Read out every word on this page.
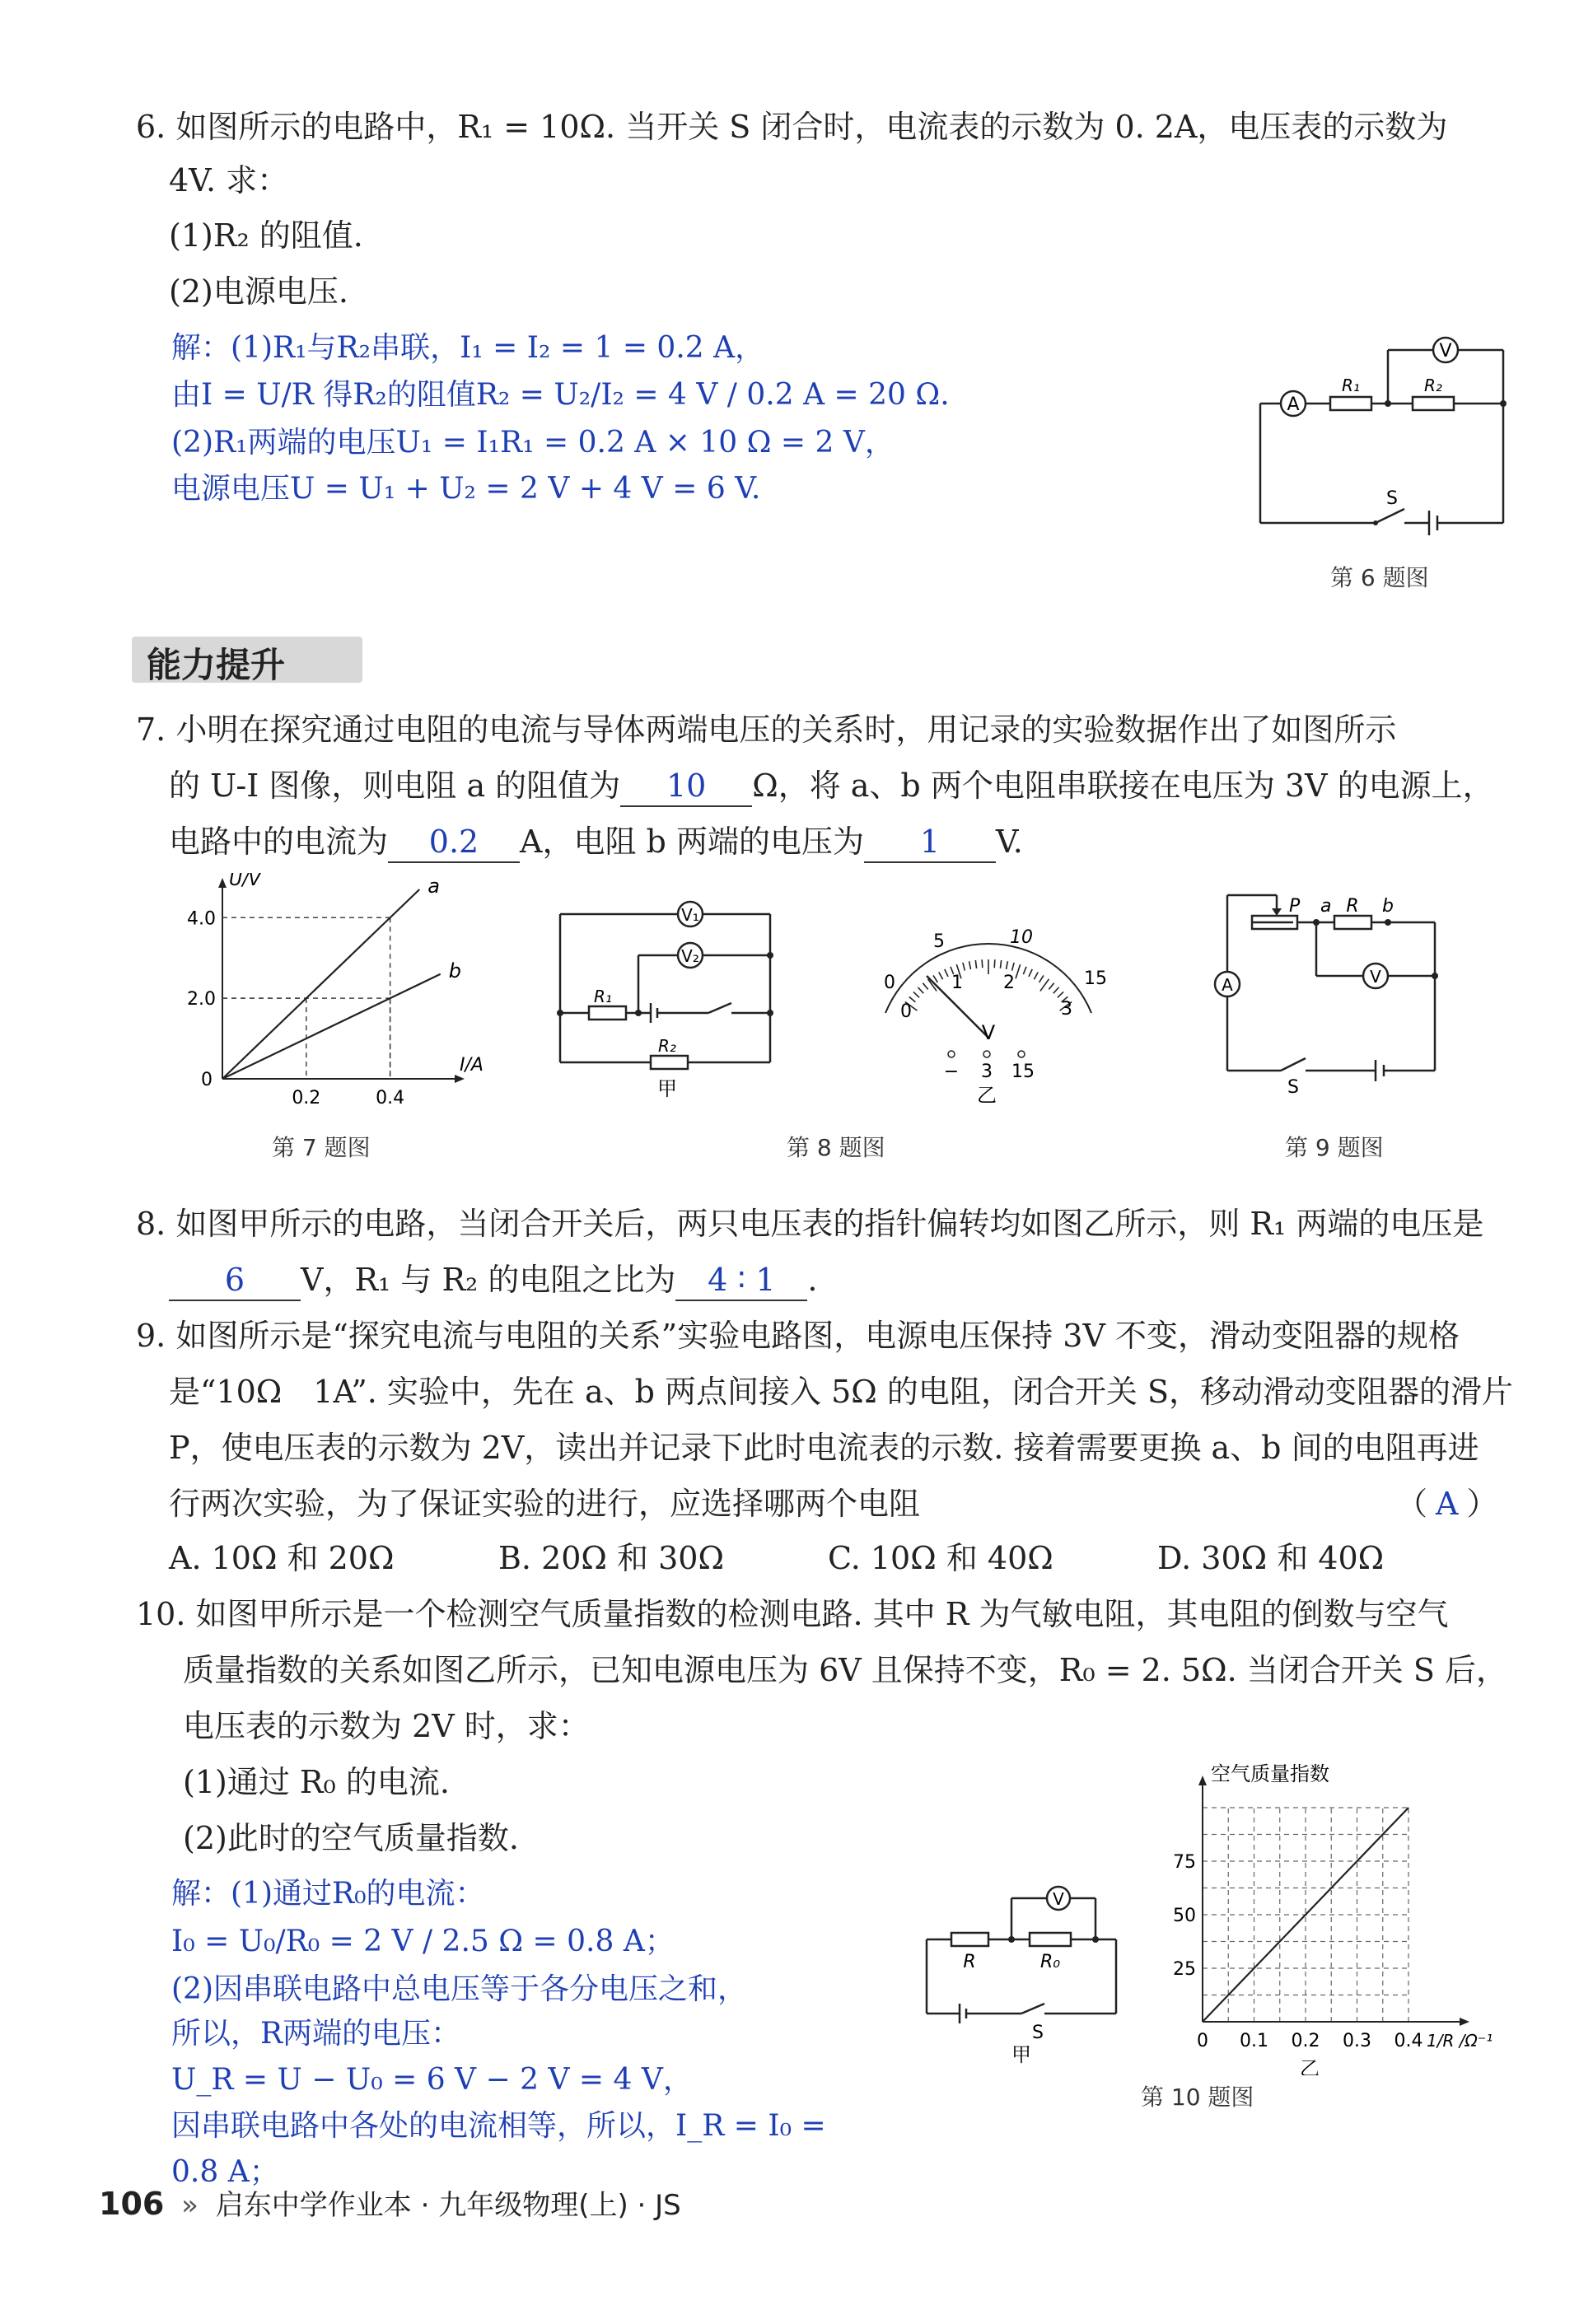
6. 如图所示的电路中，R₁ = 10Ω. 当开关 S 闭合时，电流表的示数为 0. 2A，电压表的示数为
4V. 求：
(1)R₂ 的阻值.
(2)电源电压.
解：(1)R₁与R₂串联，I₁ = I₂ = 1 = 0.2 A，
由I = U/R 得R₂的阻值R₂ = U₂/I₂ = 4 V / 0.2 A = 20 Ω.
(2)R₁两端的电压U₁ = I₁R₁ = 0.2 A × 10 Ω = 2 V，
电源电压U = U₁ + U₂ = 2 V + 4 V = 6 V.
A
V
R₁	R₂
S
第 6 题图
能力提升
7. 小明在探究通过电阻的电流与导体两端电压的关系时，用记录的实验数据作出了如图所示
的 U-I 图像，则电阻 a 的阻值为 10 Ω，将 a、b 两个电阻串联接在电压为 3V 的电源上，
电路中的电流为 0.2 A，电阻 b 两端的电压为 1 V.
0.2	0.4
2.0
4.0
0
I/A
U/V	a
b
第 7 题图
V₁
V₂
R₁
R₂
甲
0
5	10
15
0
1 2
3
V
− 3 15
乙
第 8 题图
P a R b
V
A
S
第 9 题图
8. 如图甲所示的电路，当闭合开关后，两只电压表的指针偏转均如图乙所示，则 R₁ 两端的电压是
6 V，R₁ 与 R₂ 的电阻之比为 4 ∶ 1 .
9. 如图所示是“探究电流与电阻的关系”实验电路图，电源电压保持 3V 不变，滑动变阻器的规格
是“10Ω　1A”. 实验中，先在 a、b 两点间接入 5Ω 的电阻，闭合开关 S，移动滑动变阻器的滑片
P，使电压表的示数为 2V，读出并记录下此时电流表的示数. 接着需要更换 a、b 间的电阻再进
行两次实验，为了保证实验的进行，应选择哪两个电阻	（ A ）
A. 10Ω 和 20Ω	B. 20Ω 和 30Ω	C. 10Ω 和 40Ω	D. 30Ω 和 40Ω
10. 如图甲所示是一个检测空气质量指数的检测电路. 其中 R 为气敏电阻，其电阻的倒数与空气
质量指数的关系如图乙所示，已知电源电压为 6V 且保持不变，R₀ = 2. 5Ω. 当闭合开关 S 后，
电压表的示数为 2V 时，求：
(1)通过 R₀ 的电流.
(2)此时的空气质量指数.
解：(1)通过R₀的电流：
I₀ = U₀/R₀ = 2 V / 2.5 Ω = 0.8 A；
(2)因串联电路中总电压等于各分电压之和，
所以，R两端的电压：
U_R = U − U₀ = 6 V − 2 V = 4 V，
因串联电路中各处的电流相等，所以，I_R = I₀ =
0.8 A；
V
R	R₀
S
甲
空气质量指数
25
50
75
0.1 0.2 0.3 0.4
0	1/R /Ω⁻¹
乙
第 10 题图
106 » 启东中学作业本 · 九年级物理(上) · JS
